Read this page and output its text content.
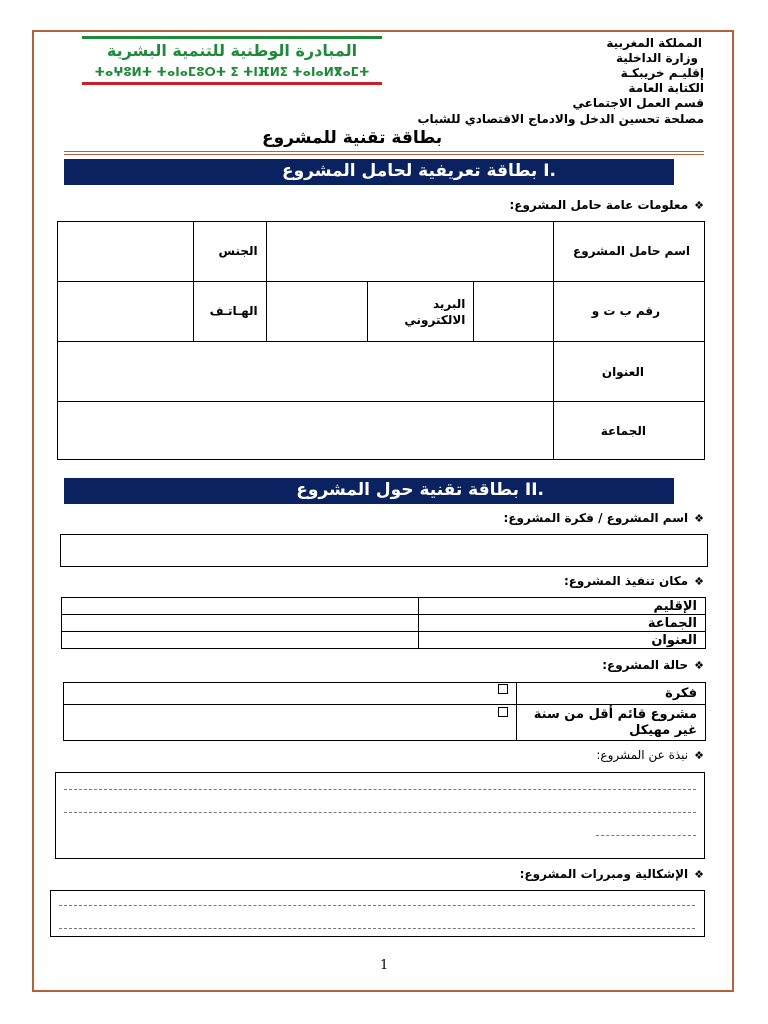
المبادرة الوطنية للتنمية البشرية
ⵜⴰⵖⵓⵍⵜ ⵜⴰⵏⴰⵎⵓⵔⵜ ⵉ ⵜⵏⴼⵍⵉ ⵜⴰⵏⴰⵍⴳⴰⵎⵜ
المملكة المغربية
وزارة الداخلية
إقليـم خريبكـة
الكتابة العامة
قسم العمل الاجتماعي
مصلحة تحسين الدخل والادماج الاقتصادي للشباب
بطاقة تقنية للمشروع
.I بطاقة تعريفية لحامل المشروع
❖معلومات عامة حامل المشروع:
	الجنس				اسم حامل المشروع
	الهـاتـف		البريد الالكتروني		رقم ب ت و
					العنوان
					الجماعة
.II بطاقة تقنية حول المشروع
❖اسم المشروع / فكرة المشروع:
❖مكان تنفيذ المشروع:
	الإقليم
	الجماعة
	العنوان
❖حالة المشروع:
	فكرة
	مشروع قائم أقل من سنة غير مهيكل
❖نبذة عن المشروع:
❖الإشكالية ومبررات المشروع:
1
